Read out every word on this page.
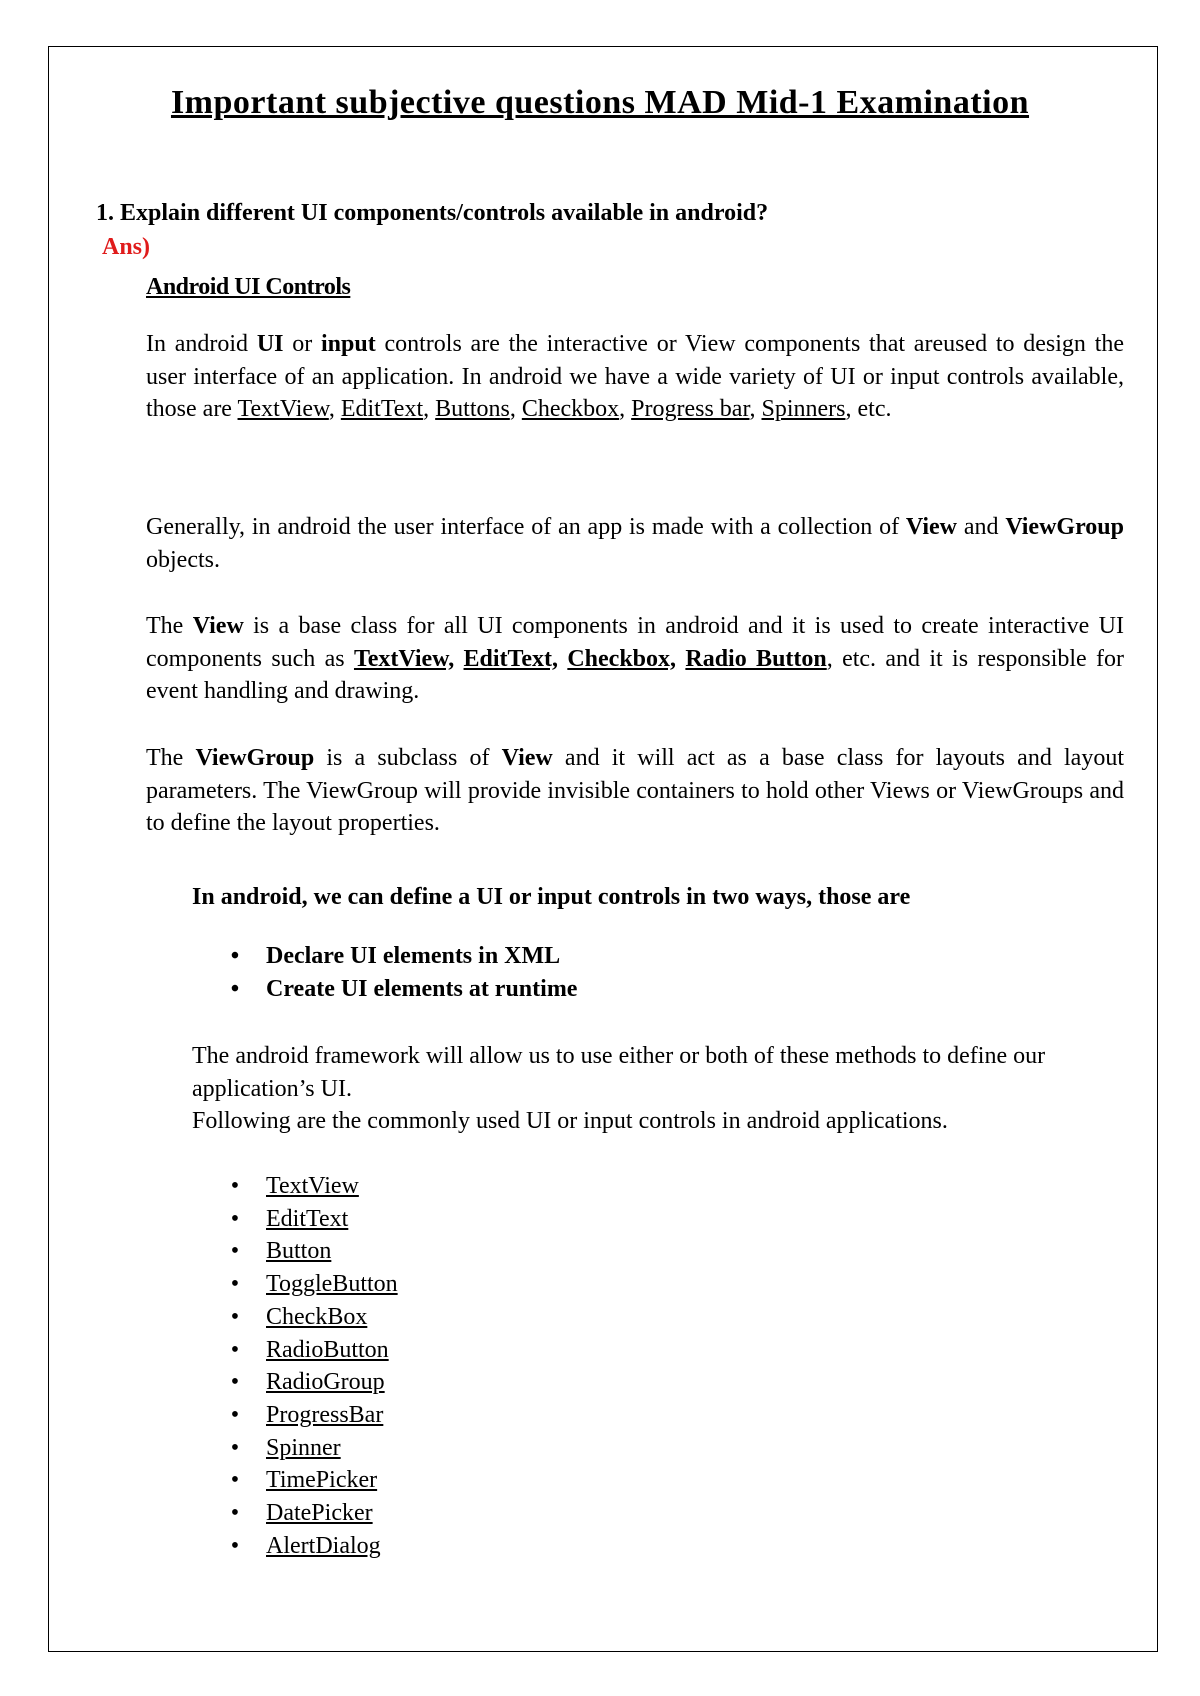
Important subjective questions MAD Mid-1 Examination

1. Explain different UI components/controls available in android?

Ans)

Android UI Controls

In android UI or input controls are the interactive or View components that areused to design the user interface of an application. In android we have a wide variety of UI or input controls available, those are TextView, EditText, Buttons, Checkbox, Progress bar, Spinners, etc.

Generally, in android the user interface of an app is made with a collection of View and ViewGroup objects.

The View is a base class for all UI components in android and it is used to create interactive UI components such as TextView, EditText, Checkbox, Radio Button, etc. and it is responsible for event handling and drawing.

The ViewGroup is a subclass of View and it will act as a base class for layouts and layout parameters. The ViewGroup will provide invisible containers to hold other Views or ViewGroups and to define the layout properties.

In android, we can define a UI or input controls in two ways, those are

• Declare UI elements in XML
• Create UI elements at runtime

The android framework will allow us to use either or both of these methods to define our application’s UI.
Following are the commonly used UI or input controls in android applications.

• TextView
• EditText
• Button
• ToggleButton
• CheckBox
• RadioButton
• RadioGroup
• ProgressBar
• Spinner
• TimePicker
• DatePicker
• AlertDialog
